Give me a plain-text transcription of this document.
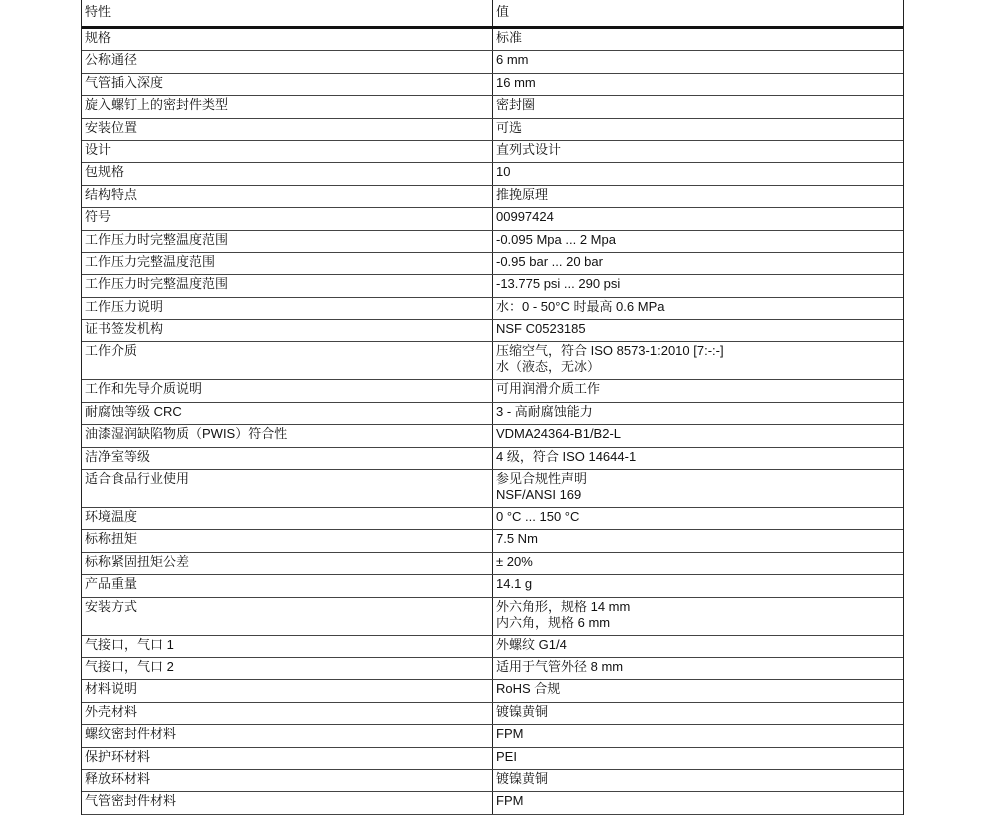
特性	值
规格	标准
公称通径	6 mm
气管插入深度	16 mm
旋入螺钉上的密封件类型	密封圈
安装位置	可选
设计	直列式设计
包规格	10
结构特点	推挽原理
符号	00997424
工作压力时完整温度范围	-0.095 Mpa ... 2 Mpa
工作压力完整温度范围	-0.95 bar ... 20 bar
工作压力时完整温度范围	-13.775 psi ... 290 psi
工作压力说明	水：0 - 50°C 时最高 0.6 MPa
证书签发机构	NSF C0523185
工作介质	压缩空气，符合 ISO 8573-1:2010 [7:-:-]
水（液态，无冰）
工作和先导介质说明	可用润滑介质工作
耐腐蚀等级 CRC	3 - 高耐腐蚀能力
油漆湿润缺陷物质（PWIS）符合性	VDMA24364-B1/B2-L
洁净室等级	4 级，符合 ISO 14644-1
适合食品行业使用	参见合规性声明
NSF/ANSI 169
环境温度	0 °C ... 150 °C
标称扭矩	7.5 Nm
标称紧固扭矩公差	± 20%
产品重量	14.1 g
安装方式	外六角形，规格 14 mm
内六角，规格 6 mm
气接口，气口 1	外螺纹 G1/4
气接口，气口 2	适用于气管外径 8 mm
材料说明	RoHS 合规
外壳材料	镀镍黄铜
螺纹密封件材料	FPM
保护环材料	PEI
释放环材料	镀镍黄铜
气管密封件材料	FPM
